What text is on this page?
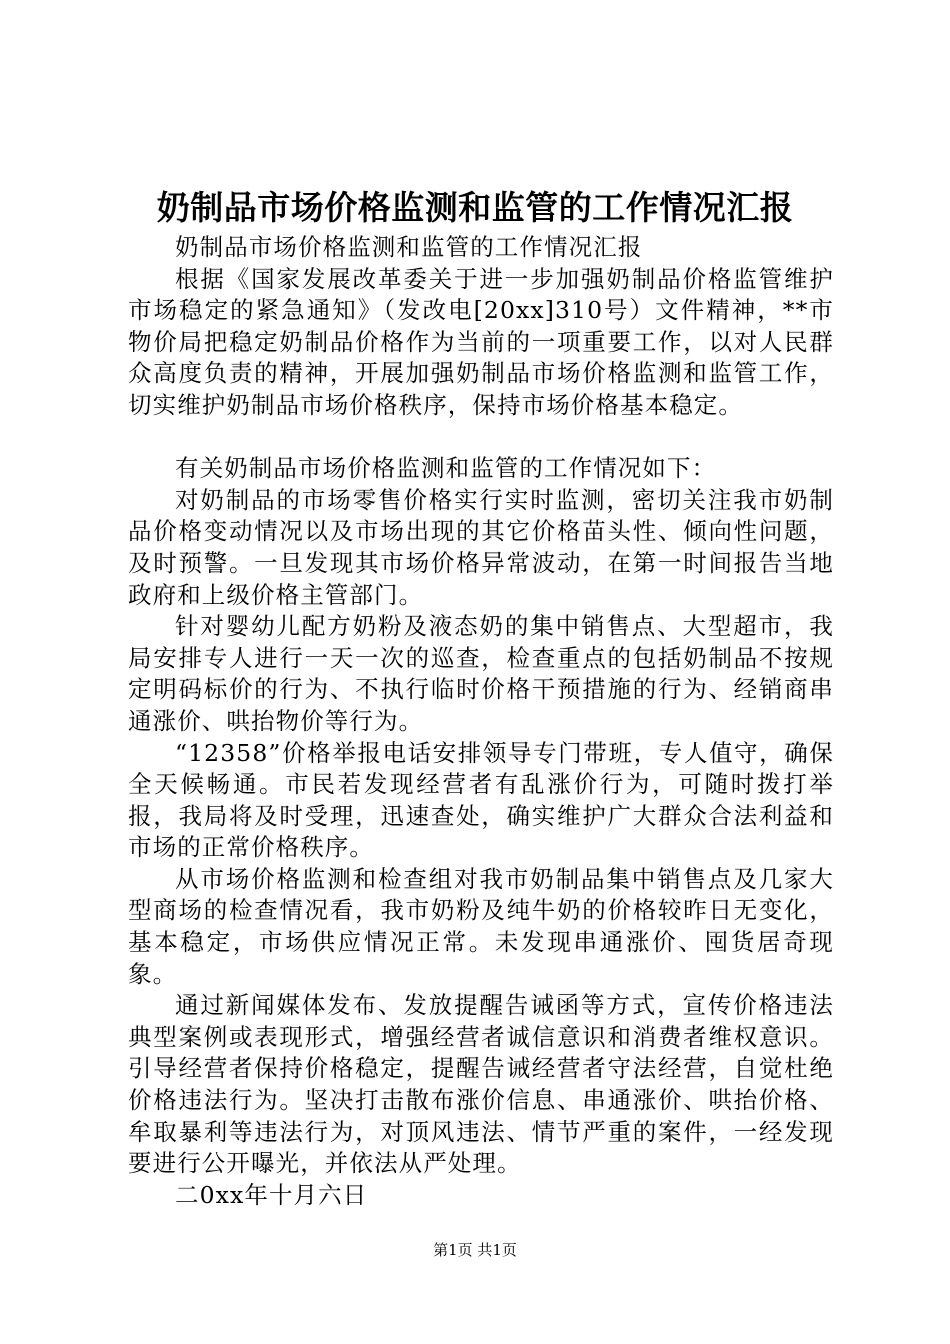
奶制品市场价格监测和监管的工作情况汇报

奶制品市场价格监测和监管的工作情况汇报

根据《国家发展改革委关于进一步加强奶制品价格监管维护市场稳定的紧急通知》（发改电[20xx]310号）文件精神，**市物价局把稳定奶制品价格作为当前的一项重要工作，以对人民群众高度负责的精神，开展加强奶制品市场价格监测和监管工作，切实维护奶制品市场价格秩序，保持市场价格基本稳定。

有关奶制品市场价格监测和监管的工作情况如下：

对奶制品的市场零售价格实行实时监测，密切关注我市奶制品价格变动情况以及市场出现的其它价格苗头性、倾向性问题，及时预警。一旦发现其市场价格异常波动，在第一时间报告当地政府和上级价格主管部门。

针对婴幼儿配方奶粉及液态奶的集中销售点、大型超市，我局安排专人进行一天一次的巡查，检查重点的包括奶制品不按规定明码标价的行为、不执行临时价格干预措施的行为、经销商串通涨价、哄抬物价等行为。

“12358”价格举报电话安排领导专门带班，专人值守，确保全天候畅通。市民若发现经营者有乱涨价行为，可随时拨打举报，我局将及时受理，迅速查处，确实维护广大群众合法利益和市场的正常价格秩序。

从市场价格监测和检查组对我市奶制品集中销售点及几家大型商场的检查情况看，我市奶粉及纯牛奶的价格较昨日无变化，基本稳定，市场供应情况正常。未发现串通涨价、囤货居奇现象。

通过新闻媒体发布、发放提醒告诫函等方式，宣传价格违法典型案例或表现形式，增强经营者诚信意识和消费者维权意识。引导经营者保持价格稳定，提醒告诫经营者守法经营，自觉杜绝价格违法行为。坚决打击散布涨价信息、串通涨价、哄抬价格、牟取暴利等违法行为，对顶风违法、情节严重的案件，一经发现要进行公开曝光，并依法从严处理。

二0xx年十月六日

第1页 共1页
